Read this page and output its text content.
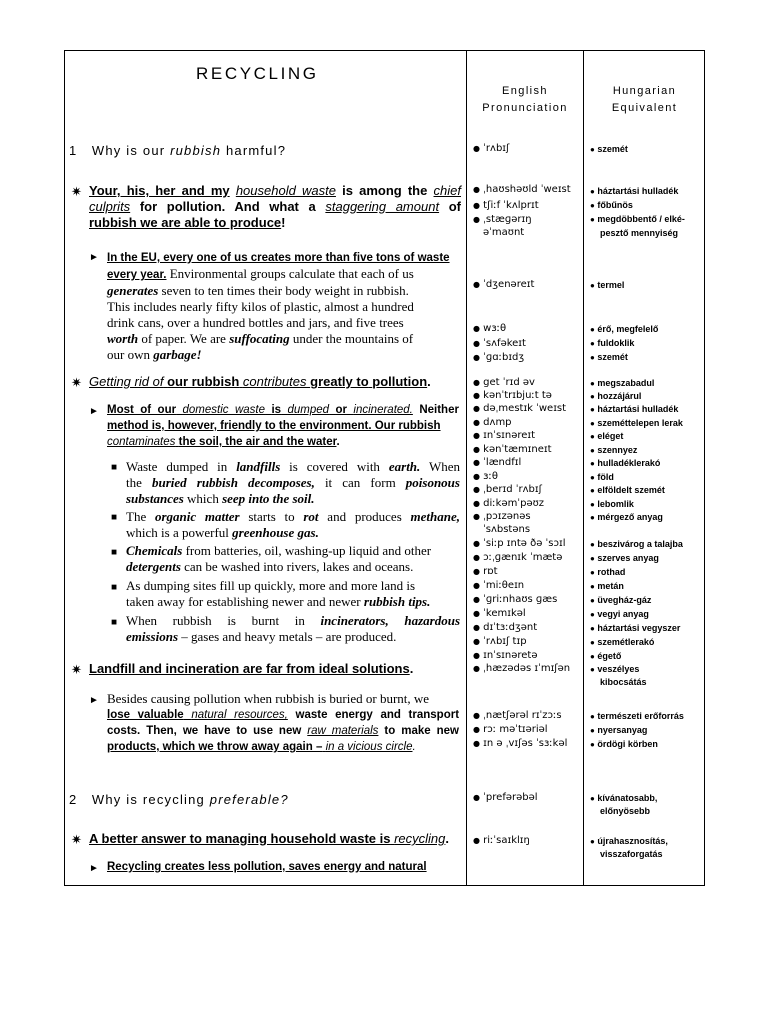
RECYCLING
English
Pronunciation
Hungarian
Equivalent
1 Why is our rubbish harmful?
✷ Your, his, her and my household waste is among the chief
culprits for pollution. And what a staggering amount of
rubbish we are able to produce!
► In the EU, every one of us creates more than five tons of waste
every year. Environmental groups calculate that each of us
generates seven to ten times their body weight in rubbish.
This includes nearly fifty kilos of plastic, almost a hundred
drink cans, over a hundred bottles and jars, and five trees
worth of paper. We are suffocating under the mountains of
our own garbage!
✷ Getting rid of our rubbish contributes greatly to pollution.
► Most of our domestic waste is dumped or incinerated. Neither
method is, however, friendly to the environment. Our rubbish
contaminates the soil, the air and the water.
■ Waste dumped in landfills is covered with earth. When
the buried rubbish decomposes, it can form poisonous
substances which seep into the soil.
■ The organic matter starts to rot and produces methane,
which is a powerful greenhouse gas.
■ Chemicals from batteries, oil, washing-up liquid and other
detergents can be washed into rivers, lakes and oceans.
■ As dumping sites fill up quickly, more and more land is
taken away for establishing newer and newer rubbish tips.
■ When rubbish is burnt in incinerators, hazardous
emissions – gases and heavy metals – are produced.
✷ Landfill and incineration are far from ideal solutions.
► Besides causing pollution when rubbish is buried or burnt, we
lose valuable natural resources, waste energy and transport
costs. Then, we have to use new raw materials to make new
products, which we throw away again – in a vicious circle.
2 Why is recycling preferable?
✷ A better answer to managing household waste is recycling.
► Recycling creates less pollution, saves energy and natural
● ˈrʌbɪʃ
● ˌhaʊshəʊld ˈweɪst
● tʃiːf ˈkʌlprɪt
● ˌstæɡərɪŋ
əˈmaʊnt
● ˈdʒenəreɪt
● wɜːθ
● ˈsʌfəkeɪt
● ˈɡɑːbɪdʒ
● get ˈrɪd əv
● kənˈtrɪbjuːt tə
● dəˌmestɪk ˈweɪst
● dʌmp
● ɪnˈsɪnəreɪt
● kənˈtæmɪneɪt
● ˈlændfɪl
● ɜːθ
● ˌberɪd ˈrʌbɪʃ
● diːkəmˈpəʊz
● ˌpɔɪzənəs
ˈsʌbstəns
● ˈsiːp ɪntə ðə ˈsɔɪl
● ɔːˌɡænɪk ˈmætə
● rɒt
● ˈmiːθeɪn
● ˈɡriːnhaʊs ɡæs
● ˈkemɪkəl
● dɪˈtɜːdʒənt
● ˈrʌbɪʃ tɪp
● ɪnˈsɪnəretə
● ˌhæzədəs ɪˈmɪʃən
● ˌnætʃərəl rɪˈzɔːs
● rɔː məˈtɪəriəl
● ɪn ə ˌvɪʃəs ˈsɜːkəl
● ˈprefərəbəl
● riːˈsaɪklɪŋ
● szemét
● háztartási hulladék
● főbűnös
● megdöbbentő / elké-
pesztő mennyiség
● termel
● érő, megfelelő
● fuldoklik
● szemét
● megszabadul
● hozzájárul
● háztartási hulladék
● szeméttelepen lerak
● eléget
● szennyez
● hulladéklerakó
● föld
● elföldelt szemét
● lebomlik
● mérgező anyag
● beszivárog a talajba
● szerves anyag
● rothad
● metán
● üvegház-gáz
● vegyi anyag
● háztartási vegyszer
● szemétlerakó
● égető
● veszélyes
kibocsátás
● természeti erőforrás
● nyersanyag
● ördögi körben
● kívánatosabb,
előnyösebb
● újrahasznosítás,
visszaforgatás
